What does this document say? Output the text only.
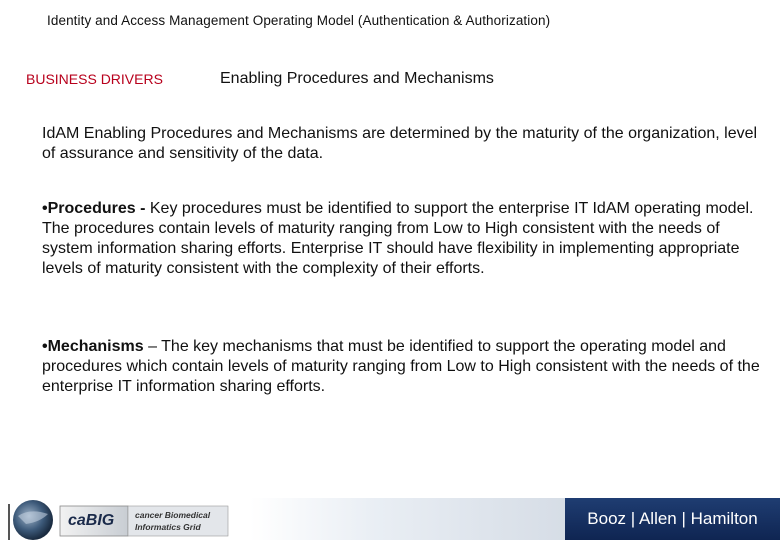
Identity and Access Management Operating Model (Authentication & Authorization)
BUSINESS DRIVERS	Enabling Procedures and Mechanisms
IdAM Enabling Procedures and Mechanisms are determined by the maturity of the organization, level of assurance and sensitivity of the data.
•Procedures - Key procedures must be identified to support the enterprise IT IdAM operating model. The procedures contain levels of maturity ranging from Low to High consistent with the needs of system information sharing efforts. Enterprise IT should have flexibility in implementing appropriate levels of maturity consistent with the complexity of their efforts.
•Mechanisms – The key mechanisms that must be identified to support the operating model and procedures which contain levels of maturity ranging from Low to High consistent with the needs of the enterprise IT information sharing efforts.
caBIG cancer Biomedical
Informatics Grid	Booz | Allen | Hamilton
